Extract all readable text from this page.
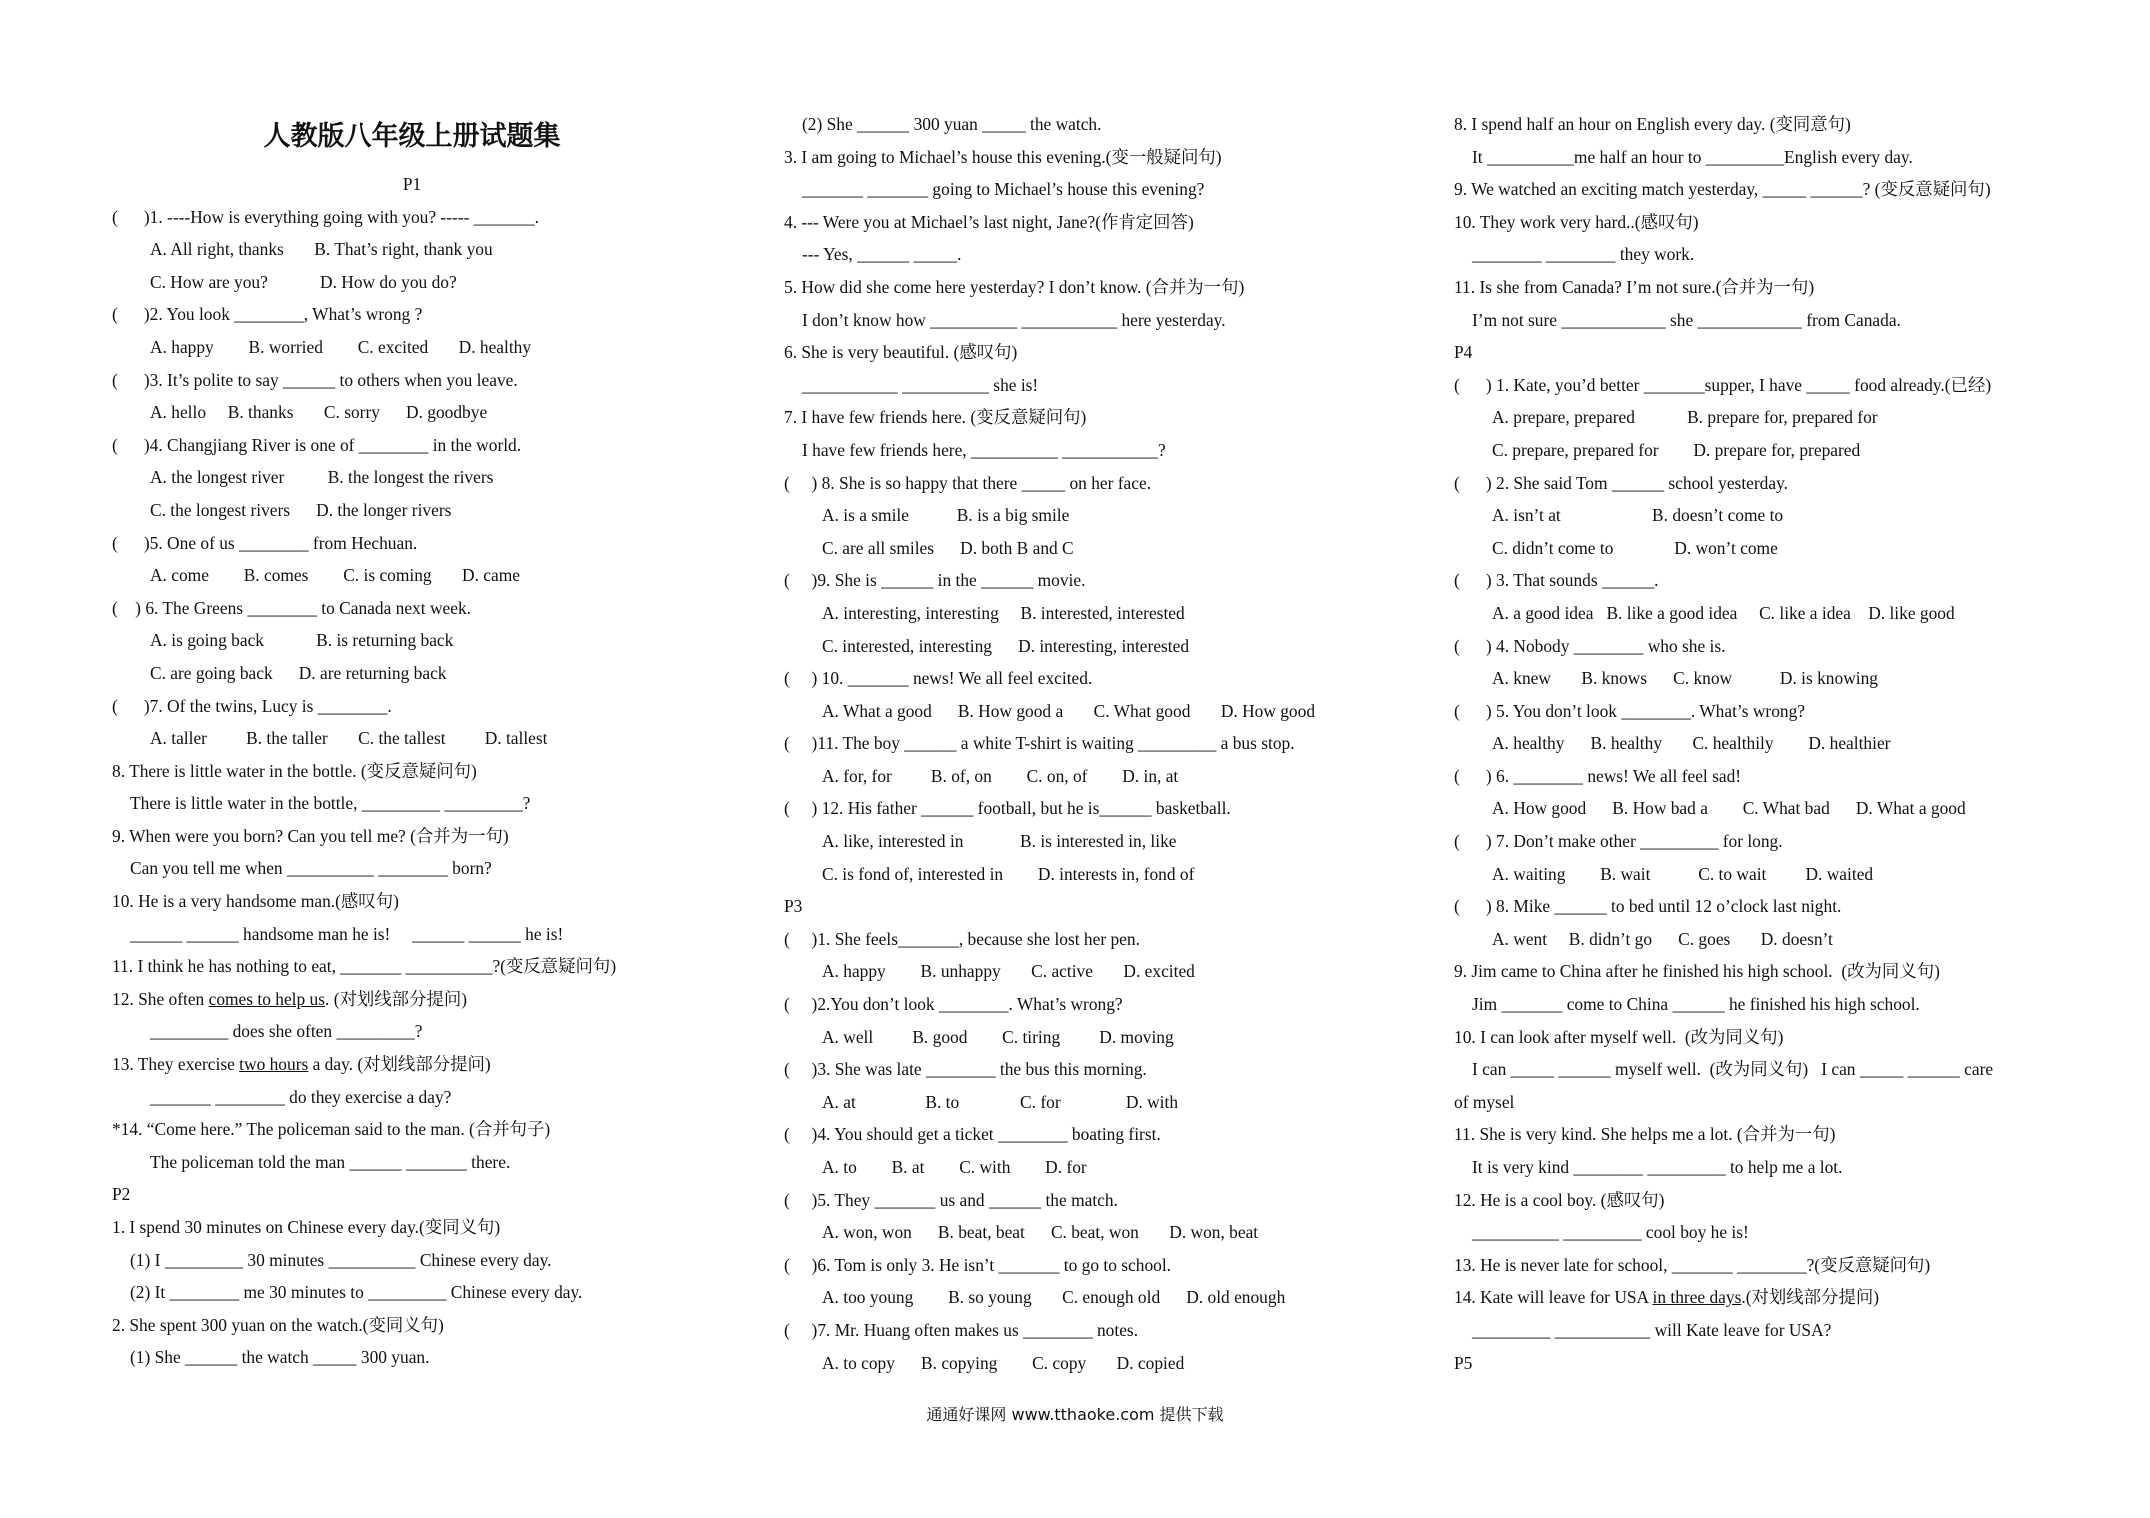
人教版八年级上册试题集
P1
(      )1. ----How is everything going with you? ----- _______.
A. All right, thanks       B. That’s right, thank you
C. How are you?            D. How do you do?
(      )2. You look ________, What’s wrong ?
A. happy        B. worried        C. excited       D. healthy
(      )3. It’s polite to say ______ to others when you leave.
A. hello     B. thanks       C. sorry      D. goodbye
(      )4. Changjiang River is one of ________ in the world.
A. the longest river          B. the longest the rivers
C. the longest rivers      D. the longer rivers
(      )5. One of us ________ from Hechuan.
A. come        B. comes        C. is coming       D. came
(    ) 6. The Greens ________ to Canada next week.
A. is going back            B. is returning back
C. are going back      D. are returning back
(      )7. Of the twins, Lucy is ________.
A. taller         B. the taller       C. the tallest         D. tallest
8. There is little water in the bottle. (变反意疑问句)
There is little water in the bottle, _________ _________?
9. When were you born? Can you tell me? (合并为一句)
Can you tell me when __________ ________ born?
10. He is a very handsome man.(感叹句)
______ ______ handsome man he is!     ______ ______ he is!
11. I think he has nothing to eat, _______ __________?(变反意疑问句)
12. She often comes to help us. (对划线部分提问)
_________ does she often _________?
13. They exercise two hours a day. (对划线部分提问)
_______ ________ do they exercise a day?
*14. “Come here.” The policeman said to the man. (合并句子)
The policeman told the man ______ _______ there.
P2
1. I spend 30 minutes on Chinese every day.(变同义句)
(1) I _________ 30 minutes __________ Chinese every day.
(2) It ________ me 30 minutes to _________ Chinese every day.
2. She spent 300 yuan on the watch.(变同义句)
(1) She ______ the watch _____ 300 yuan.
(2) She ______ 300 yuan _____ the watch.
3. I am going to Michael’s house this evening.(变一般疑问句)
_______ _______ going to Michael’s house this evening?
4. --- Were you at Michael’s last night, Jane?(作肯定回答)
--- Yes, ______ _____.
5. How did she come here yesterday? I don’t know. (合并为一句)
I don’t know how __________ ___________ here yesterday.
6. She is very beautiful. (感叹句)
___________ __________ she is!
7. I have few friends here. (变反意疑问句)
I have few friends here, __________ ___________?
(     ) 8. She is so happy that there _____ on her face.
A. is a smile           B. is a big smile
C. are all smiles      D. both B and C
(     )9. She is ______ in the ______ movie.
A. interesting, interesting     B. interested, interested
C. interested, interesting      D. interesting, interested
(     ) 10. _______ news! We all feel excited.
A. What a good      B. How good a       C. What good       D. How good
(     )11. The boy ______ a white T-shirt is waiting _________ a bus stop.
A. for, for         B. of, on        C. on, of        D. in, at
(     ) 12. His father ______ football, but he is______ basketball.
A. like, interested in             B. is interested in, like
C. is fond of, interested in        D. interests in, fond of
P3
(     )1. She feels_______, because she lost her pen.
A. happy        B. unhappy       C. active       D. excited
(     )2.You don’t look ________. What’s wrong?
A. well         B. good        C. tiring         D. moving
(     )3. She was late ________ the bus this morning.
A. at                B. to              C. for               D. with
(     )4. You should get a ticket ________ boating first.
A. to        B. at        C. with        D. for
(     )5. They _______ us and ______ the match.
A. won, won      B. beat, beat      C. beat, won       D. won, beat
(     )6. Tom is only 3. He isn’t _______ to go to school.
A. too young        B. so young       C. enough old      D. old enough
(     )7. Mr. Huang often makes us ________ notes.
A. to copy      B. copying        C. copy       D. copied
8. I spend half an hour on English every day. (变同意句)
It __________me half an hour to _________English every day.
9. We watched an exciting match yesterday, _____ ______? (变反意疑问句)
10. They work very hard..(感叹句)
________ ________ they work.
11. Is she from Canada? I’m not sure.(合并为一句)
I’m not sure ____________ she ____________ from Canada.
P4
(      ) 1. Kate, you’d better _______supper, I have _____ food already.(已经)
A. prepare, prepared            B. prepare for, prepared for
C. prepare, prepared for        D. prepare for, prepared
(      ) 2. She said Tom ______ school yesterday.
A. isn’t at                     B. doesn’t come to
C. didn’t come to              D. won’t come
(      ) 3. That sounds ______.
A. a good idea   B. like a good idea     C. like a idea    D. like good
(      ) 4. Nobody ________ who she is.
A. knew       B. knows      C. know           D. is knowing
(      ) 5. You don’t look ________. What’s wrong?
A. healthy      B. healthy       C. healthily        D. healthier
(      ) 6. ________ news! We all feel sad!
A. How good      B. How bad a        C. What bad      D. What a good
(      ) 7. Don’t make other _________ for long.
A. waiting        B. wait           C. to wait         D. waited
(      ) 8. Mike ______ to bed until 12 o’clock last night.
A. went     B. didn’t go      C. goes       D. doesn’t
9. Jim came to China after he finished his high school.  (改为同义句)
Jim _______ come to China ______ he finished his high school.
10. I can look after myself well.  (改为同义句)
I can _____ ______ myself well.  (改为同义句)   I can _____ ______ care
of mysel
11. She is very kind. She helps me a lot. (合并为一句)
It is very kind ________ _________ to help me a lot.
12. He is a cool boy. (感叹句)
__________ _________ cool boy he is!
13. He is never late for school, _______ ________?(变反意疑问句)
14. Kate will leave for USA in three days.(对划线部分提问)
_________ ___________ will Kate leave for USA?
P5
通通好课网 www.tthaoke.com 提供下载
